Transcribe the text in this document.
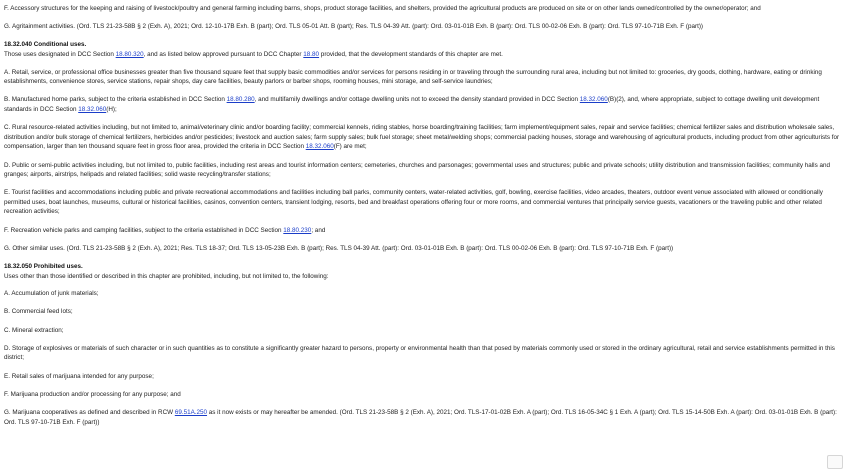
F. Accessory structures for the keeping and raising of livestock/poultry and general farming including barns, shops, product storage facilities, and shelters, provided the agricultural products are produced on site or on other lands owned/controlled by the owner/operator; and

G. Agritainment activities. (Ord. TLS 21-23-58B § 2 (Exh. A), 2021; Ord. 12-10-17B Exh. B (part); Ord. TLS 05-01 Att. B (part); Res. TLS 04-39 Att. (part): Ord. 03-01-01B Exh. B (part): Ord. TLS 00-02-06 Exh. B (part): Ord. TLS 97-10-71B Exh. F (part))

18.32.040 Conditional uses.

Those uses designated in DCC Section 18.80.320, and as listed below approved pursuant to DCC Chapter 18.80 provided, that the development standards of this chapter are met.

A. Retail, service, or professional office businesses greater than five thousand square feet that supply basic commodities and/or services for persons residing in or traveling through the surrounding rural area, including but not limited to: groceries, dry goods, clothing, hardware, eating or drinking establishments, convenience stores, service stations, repair shops, day care facilities, beauty parlors or barber shops, rooming houses, mini storage, and self-service laundries;

B. Manufactured home parks, subject to the criteria established in DCC Section 18.80.280, and multifamily dwellings and/or cottage dwelling units not to exceed the density standard provided in DCC Section 18.32.060(B)(2), and, where appropriate, subject to cottage dwelling unit development standards in DCC Section 18.32.060(H);

C. Rural resource-related activities including, but not limited to, animal/veterinary clinic and/or boarding facility; commercial kennels, riding stables, horse boarding/training facilities; farm implement/equipment sales, repair and service facilities; chemical fertilizer sales and distribution wholesale sales, distribution and/or bulk storage of chemical fertilizers, herbicides and/or pesticides; livestock and auction sales; farm supply sales; bulk fuel storage; sheet metal/welding shops; commercial packing houses, storage and warehousing of agricultural products, including product from other agriculturists for compensation, larger than ten thousand square feet in gross floor area, provided the criteria in DCC Section 18.32.060(F) are met;

D. Public or semi-public activities including, but not limited to, public facilities, including rest areas and tourist information centers; cemeteries, churches and parsonages; governmental uses and structures; public and private schools; utility distribution and transmission facilities; community halls and granges; airports, airstrips, helipads and related facilities; solid waste recycling/transfer stations;

E. Tourist facilities and accommodations including public and private recreational accommodations and facilities including ball parks, community centers, water-related activities, golf, bowling, exercise facilities, video arcades, theaters, outdoor event venue associated with allowed or conditionally permitted uses, boat launches, museums, cultural or historical facilities, casinos, convention centers, transient lodging, resorts, bed and breakfast operations offering four or more rooms, and commercial ventures that principally service guests, vacationers or the traveling public and other related recreation activities;

F. Recreation vehicle parks and camping facilities, subject to the criteria established in DCC Section 18.80.230; and

G. Other similar uses. (Ord. TLS 21-23-58B § 2 (Exh. A), 2021; Res. TLS 18-37; Ord. TLS 13-05-23B Exh. B (part); Res. TLS 04-39 Att. (part): Ord. 03-01-01B Exh. B (part): Ord. TLS 00-02-06 Exh. B (part): Ord. TLS 97-10-71B Exh. F (part))

18.32.050 Prohibited uses.

Uses other than those identified or described in this chapter are prohibited, including, but not limited to, the following:

A. Accumulation of junk materials;

B. Commercial feed lots;

C. Mineral extraction;

D. Storage of explosives or materials of such character or in such quantities as to constitute a significantly greater hazard to persons, property or environmental health than that posed by materials commonly used or stored in the ordinary agricultural, retail and service establishments permitted in this district;

E. Retail sales of marijuana intended for any purpose;

F. Marijuana production and/or processing for any purpose; and

G. Marijuana cooperatives as defined and described in RCW 69.51A.250 as it now exists or may hereafter be amended. (Ord. TLS 21-23-58B § 2 (Exh. A), 2021; Ord. TLS-17-01-02B Exh. A (part); Ord. TLS 16-05-34C § 1 Exh. A (part); Ord. TLS 15-14-50B Exh. A (part): Ord. 03-01-01B Exh. B (part): Ord. TLS 97-10-71B Exh. F (part))
